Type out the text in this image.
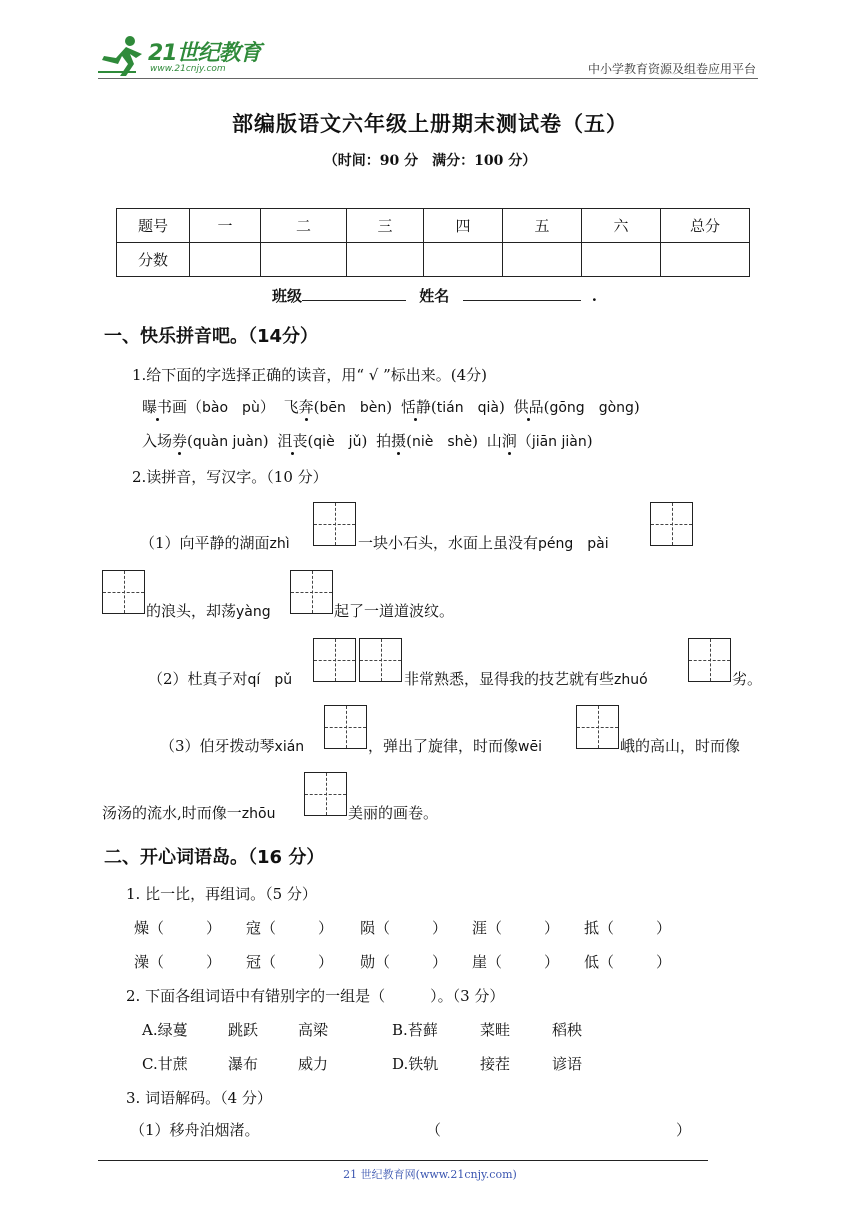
21世纪教育
www.21cnjy.com	中小学教育资源及组卷应用平台
部编版语文六年级上册期末测试卷（五）
（时间：90 分　满分：100 分）
题号	一	二	三	四	五	六	总分
分数							
班级	姓名	.
一、快乐拼音吧。（14分）
1.给下面的字选择正确的读音，用“ √ ”标出来。(4分)
曝书画（bào　pù） 飞奔(bēn　bèn) 恬静(tián　qià) 供品(gōng　gòng)
入场券(quàn juàn) 沮丧(qiè　jǔ) 拍摄(niè　shè) 山涧（jiān jiàn)
2.读拼音，写汉字。（10 分）
（1）向平静的湖面zhì	一块小石头，水面上虽没有péng　pài
的浪头，却荡yàng	起了一道道波纹。
（2）杜真子对qí　pǔ	非常熟悉，显得我的技艺就有些zhuó	劣。
（3）伯牙拨动琴xián	，弹出了旋律，时而像wēi	峨的高山，时而像
汤汤的流水,时而像一zhōu	美丽的画卷。
二、开心词语岛。（16 分）
1. 比一比，再组词。（5 分）
燥（	） 寇（	） 陨（	） 涯（	） 抵（	）
澡（	） 冠（	） 勋（	） 崖（	） 低（	）
2. 下面各组词语中有错别字的一组是（　　　）。（3 分）
A.绿蔓	跳跃	高梁	B.苔藓	菜畦	稻秧
C.甘蔗	瀑布	威力	D.铁轨	接茬	谚语
3. 词语解码。（4 分）
（1）移舟泊烟渚。	（	）
21 世纪教育网(www.21cnjy.com)
